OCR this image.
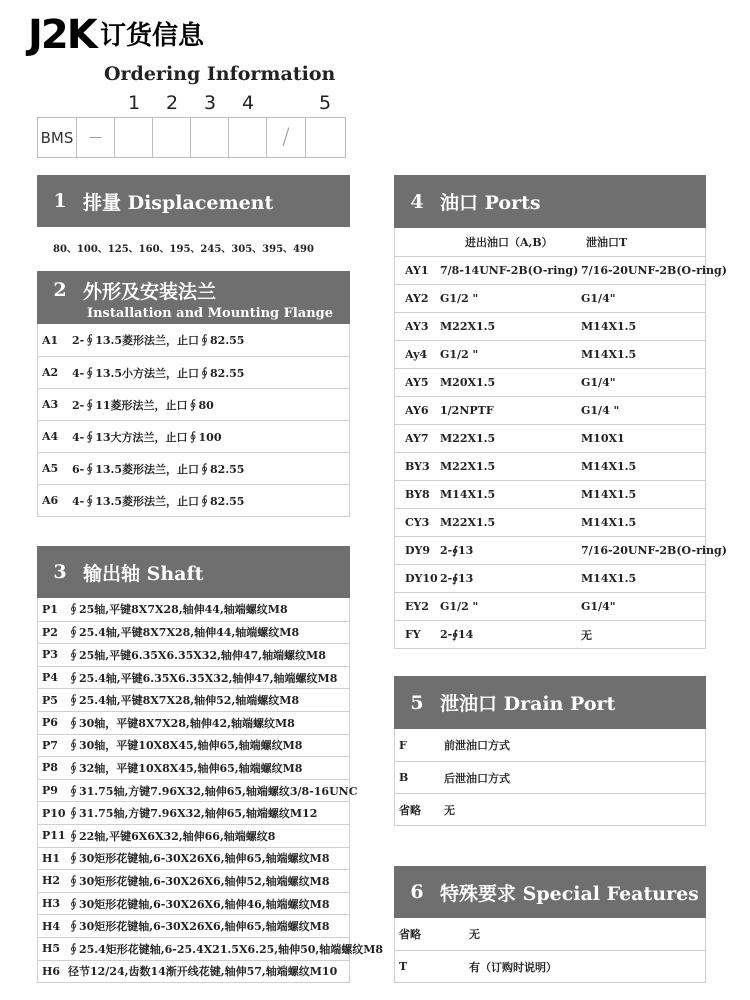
J2K 订货信息
Ordering Information
1	2	3	4	5
BMS	—	/
1 排量 Displacement
80、100、125、160、195、245、305、395、490
2 外形及安装法兰
Installation and Mounting Flange
A1	2-∮13.5菱形法兰，止口∮82.55
A2	4-∮13.5小方法兰，止口∮82.55
A3	2-∮11菱形法兰，止口∮80
A4	4-∮13大方法兰，止口∮100
A5	6-∮13.5菱形法兰，止口∮82.55
A6	4-∮13.5菱形法兰，止口∮82.55
3 输出轴 Shaft
P1 ∮25轴,平键8X7X28,轴伸44,轴端螺纹M8
P2 ∮25.4轴,平键8X7X28,轴伸44,轴端螺纹M8
P3 ∮25轴,平键6.35X6.35X32,轴伸47,轴端螺纹M8
P4 ∮25.4轴,平键6.35X6.35X32,轴伸47,轴端螺纹M8
P5 ∮25.4轴,平键8X7X28,轴伸52,轴端螺纹M8
P6 ∮30轴，平键8X7X28,轴伸42,轴端螺纹M8
P7 ∮30轴，平键10X8X45,轴伸65,轴端螺纹M8
P8 ∮32轴，平键10X8X45,轴伸65,轴端螺纹M8
P9 ∮31.75轴,方键7.96X32,轴伸65,轴端螺纹3/8-16UNC
P10 ∮31.75轴,方键7.96X32,轴伸65,轴端螺纹M12
P11 ∮22轴,平键6X6X32,轴伸66,轴端螺纹8
H1 ∮30矩形花键轴,6-30X26X6,轴伸65,轴端螺纹M8
H2 ∮30矩形花键轴,6-30X26X6,轴伸52,轴端螺纹M8
H3 ∮30矩形花键轴,6-30X26X6,轴伸46,轴端螺纹M8
H4 ∮30矩形花键轴,6-30X26X6,轴伸65,轴端螺纹M8
H5 ∮25.4矩形花键轴,6-25.4X21.5X6.25,轴伸50,轴端螺纹M8
H6 径节12/24,齿数14渐开线花键,轴伸57,轴端螺纹M10
4 油口 Ports
进出油口（A,B）	泄油口T
AY1	7/8-14UNF-2B(O-ring) 7/16-20UNF-2B(O-ring)
AY2	G1/2 "	G1/4"
AY3	M22X1.5	M14X1.5
Ay4	G1/2 "	M14X1.5
AY5	M20X1.5	G1/4"
AY6	1/2NPTF	G1/4 "
AY7	M22X1.5	M10X1
BY3 M22X1.5	M14X1.5
BY8 M14X1.5	M14X1.5
CY3 M22X1.5	M14X1.5
DY9 2-∮13	7/16-20UNF-2B(O-ring)
DY10 2-∮13	M14X1.5
EY2	G1/2 "	G1/4"
FY	2-∮14	无
5 泄油口 Drain Port
F	前泄油口方式
B	后泄油口方式
省略	无
6 特殊要求 Special Features
省略	无
T	有（订购时说明）
